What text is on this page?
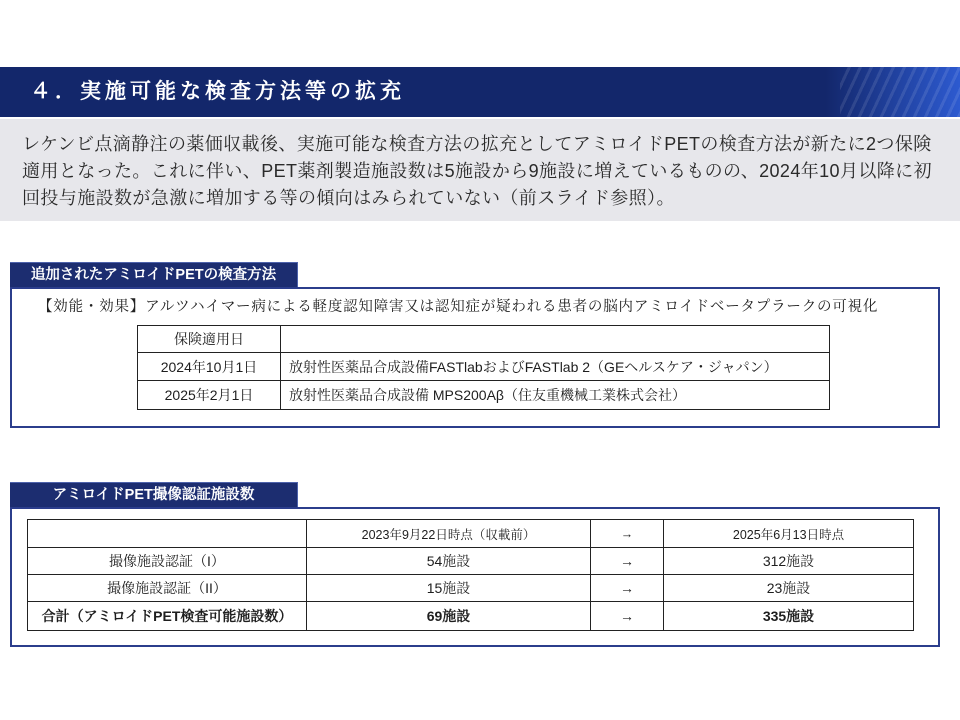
４．実施可能な検査方法等の拡充
レケンビ点滴静注の薬価収載後、実施可能な検査方法の拡充としてアミロイドPETの検査方法が新たに2つ保険
適用となった。これに伴い、PET薬剤製造施設数は5施設から9施設に増えているものの、2024年10月以降に初
回投与施設数が急激に増加する等の傾向はみられていない（前スライド参照）。
追加されたアミロイドPETの検査方法
【効能・効果】アルツハイマー病による軽度認知障害又は認知症が疑われる患者の脳内アミロイドベータプラークの可視化
保険適用日	
2024年10月1日	放射性医薬品合成設備FASTlabおよびFASTlab 2（GEヘルスケア・ジャパン）
2025年2月1日	放射性医薬品合成設備 MPS200Aβ（住友重機械工業株式会社）
アミロイドPET撮像認証施設数
	2023年9月22日時点（収載前）	→	2025年6月13日時点
撮像施設認証（I）	54施設	→	312施設
撮像施設認証（II）	15施設	→	23施設
合計（アミロイドPET検査可能施設数）	69施設	→	335施設
